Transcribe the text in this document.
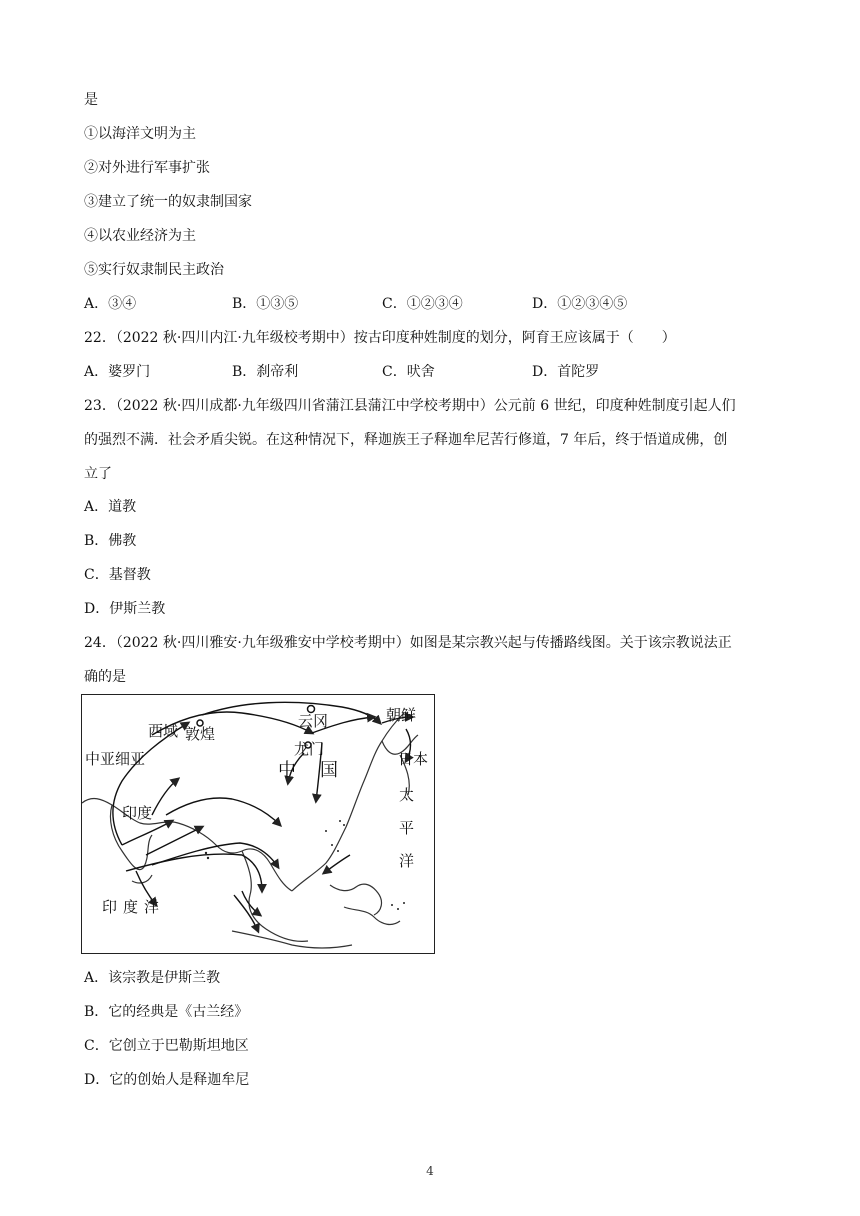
是
①以海洋文明为主
②对外进行军事扩张
③建立了统一的奴隶制国家
④以农业经济为主
⑤实行奴隶制民主政治
A．③④	B．①③⑤	C．①②③④	D．①②③④⑤
22．（2022 秋·四川内江·九年级校考期中）按古印度种姓制度的划分，阿育王应该属于（　　）
A．婆罗门	B．刹帝利	C．吠舍	D．首陀罗
23．（2022 秋·四川成都·九年级四川省蒲江县蒲江中学校考期中）公元前 6 世纪，印度种姓制度引起人们
的强烈不满．社会矛盾尖锐。在这种情况下，释迦族王子释迦牟尼苦行修道，7 年后，终于悟道成佛，创
立了
A．道教
B．佛教
C．基督教
D．伊斯兰教
24．（2022 秋·四川雅安·九年级雅安中学校考期中）如图是某宗教兴起与传播路线图。关于该宗教说法正
确的是
西域 敦煌
云冈	朝鲜
中亚细亚
龙门
日本
中 国
印度	太平洋
印度洋
A．该宗教是伊斯兰教
B．它的经典是《古兰经》
C．它创立于巴勒斯坦地区
D．它的创始人是释迦牟尼
4
